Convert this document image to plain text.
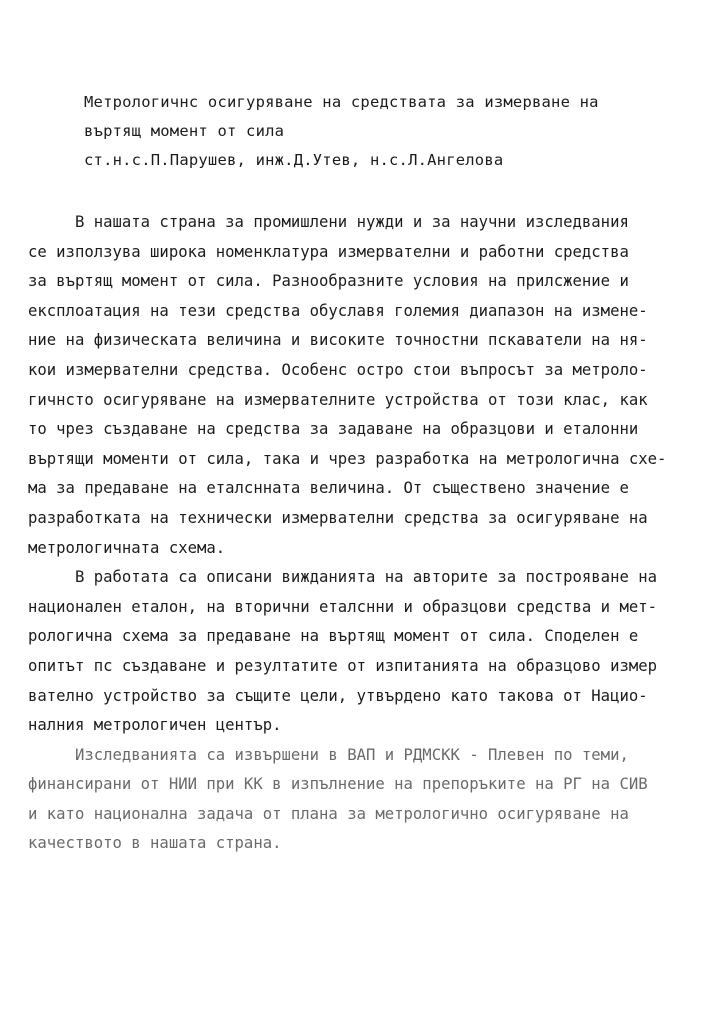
Метрологичнс осигуряване на средствата за измерване на
въртящ момент от сила
ст.н.с.П.Парушев, инж.Д.Утев, н.с.Л.Ангелова
В нашата страна за промишлени нужди и за научни изследвания
се използува широка номенклатура измервателни и работни средства
за въртящ момент от сила. Разнообразните условия на прилсжение и
експлоатация на тези средства обуславя големия диапазон на измене-
ние на физическата величина и високите точностни пскаватели на ня-
кои измервателни средства. Особенс остро стои въпросът за метроло-
гичнсто осигуряване на измервателните устройства от този клас, как
то чрез създаване на средства за задаване на образцови и еталонни
въртящи моменти от сила, така и чрез разработка на метрологична схе-
ма за предаване на еталснната величина. От съществено значение е
разработката на технически измервателни средства за осигуряване на
метрологичната схема.
В работата са описани вижданията на авторите за построяване на
национален еталон, на вторични еталснни и образцови средства и мет-
рологична схема за предаване на въртящ момент от сила. Споделен е
опитът пс създаване и резултатите от изпитанията на образцово измер
вателно устройство за същите цели, утвърдено като такова от Нацио-
налния метрологичен център.
Изследванията са извършени в ВАП и РДМСКК - Плевен по теми,
финансирани от НИИ при КК в изпълнение на препоръките на РГ на СИВ
и като национална задача от плана за метрологично осигуряване на
качеството в нашата страна.
